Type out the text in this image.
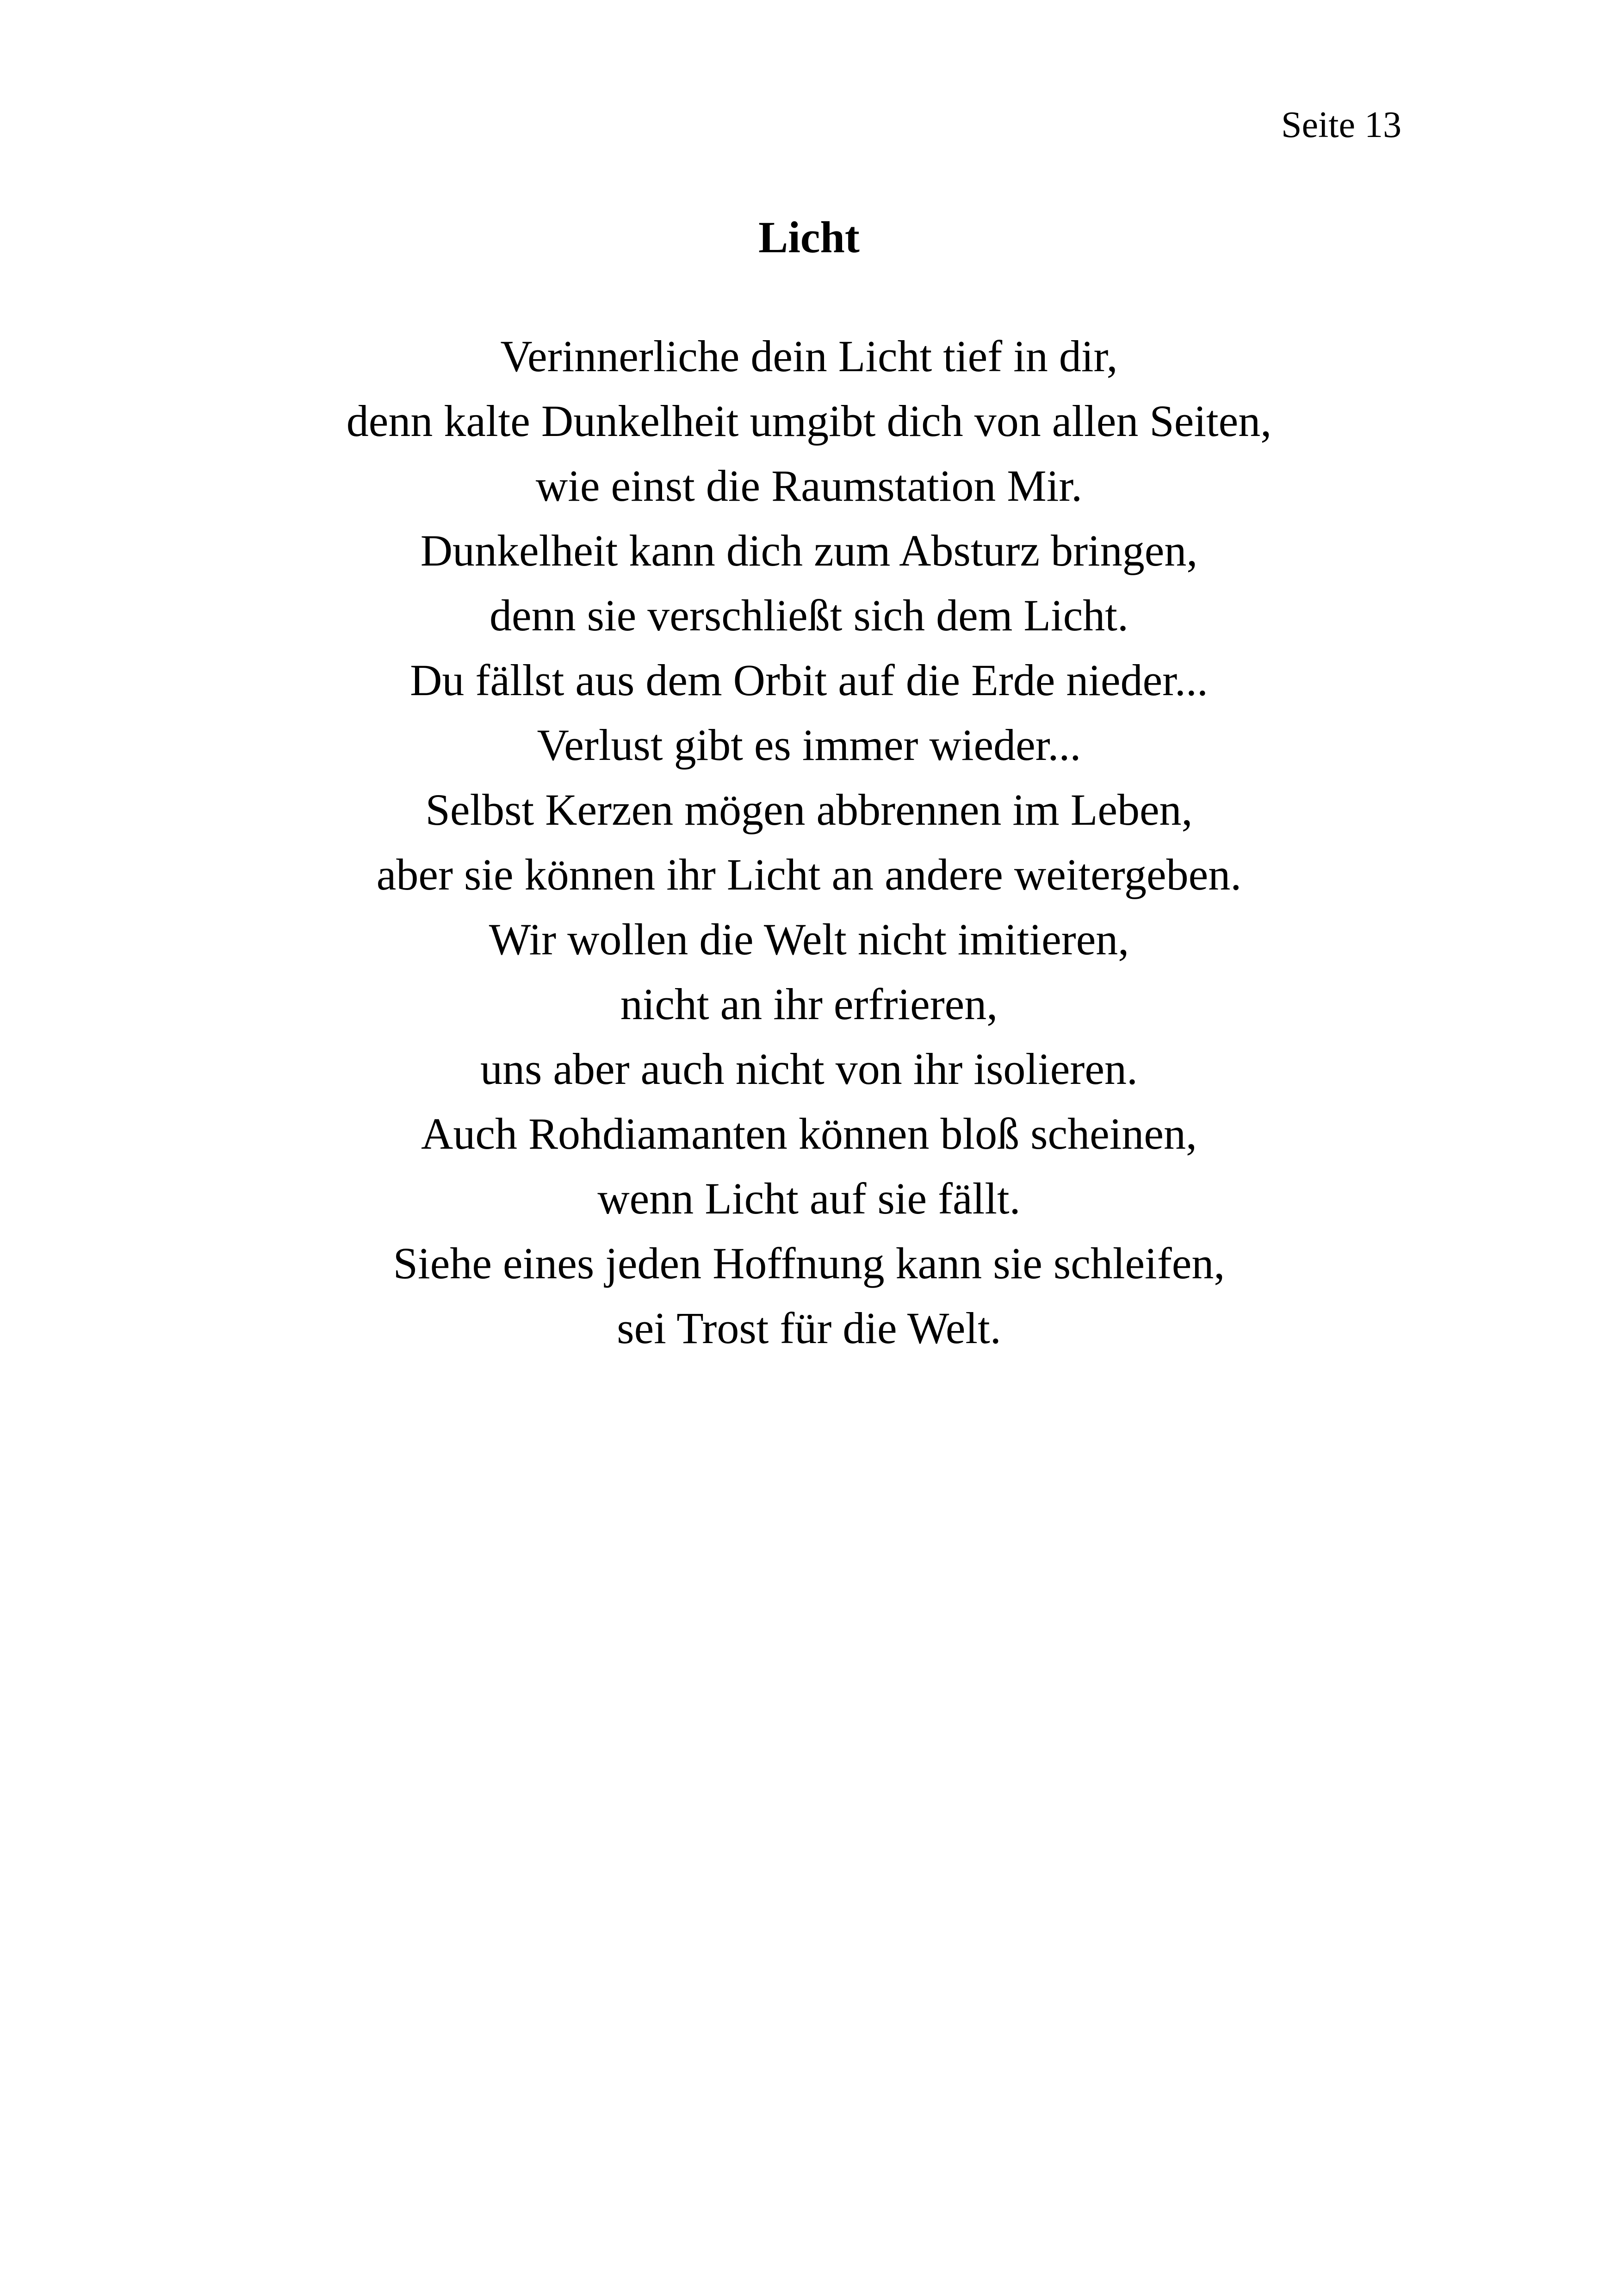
Seite 13
Licht
Verinnerliche dein Licht tief in dir,
denn kalte Dunkelheit umgibt dich von allen Seiten,
wie einst die Raumstation Mir.
Dunkelheit kann dich zum Absturz bringen,
denn sie verschließt sich dem Licht.
Du fällst aus dem Orbit auf die Erde nieder...
Verlust gibt es immer wieder...
Selbst Kerzen mögen abbrennen im Leben,
aber sie können ihr Licht an andere weitergeben.
Wir wollen die Welt nicht imitieren,
nicht an ihr erfrieren,
uns aber auch nicht von ihr isolieren.
Auch Rohdiamanten können bloß scheinen,
wenn Licht auf sie fällt.
Siehe eines jeden Hoffnung kann sie schleifen,
sei Trost für die Welt.
